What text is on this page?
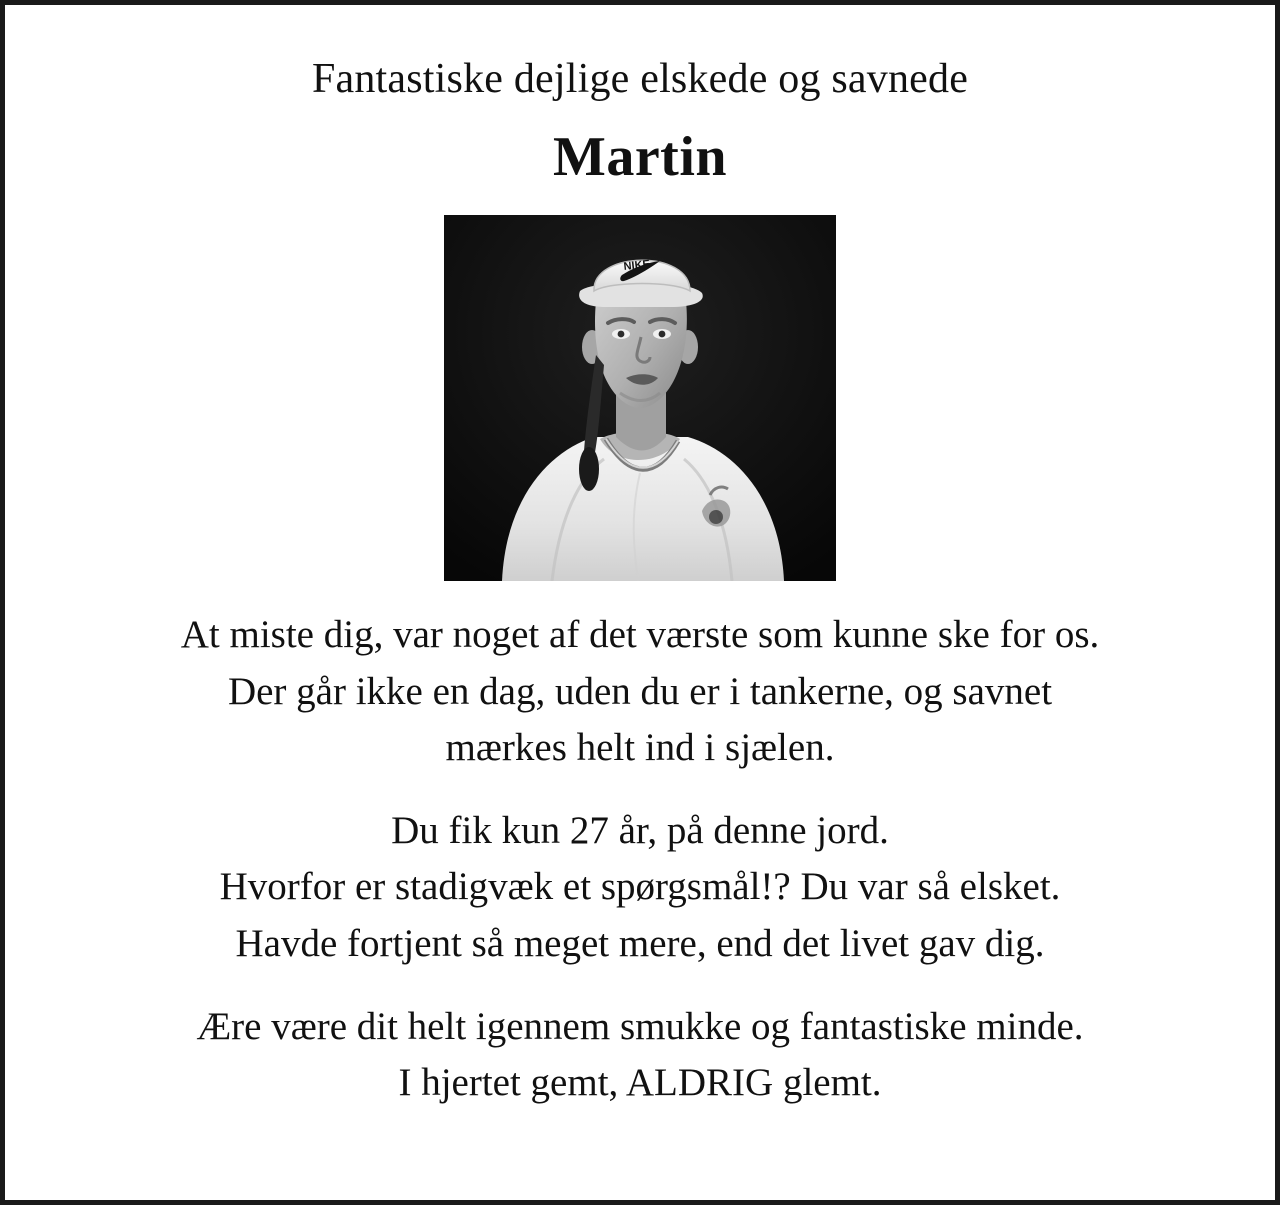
Fantastiske dejlige elskede og savnede
Martin
NIKE
At miste dig, var noget af det værste som kunne ske for os.
Der går ikke en dag, uden du er i tankerne, og savnet
mærkes helt ind i sjælen.
Du fik kun 27 år, på denne jord.
Hvorfor er stadigvæk et spørgsmål!? Du var så elsket.
Havde fortjent så meget mere, end det livet gav dig.
Ære være dit helt igennem smukke og fantastiske minde.
I hjertet gemt, ALDRIG glemt.
